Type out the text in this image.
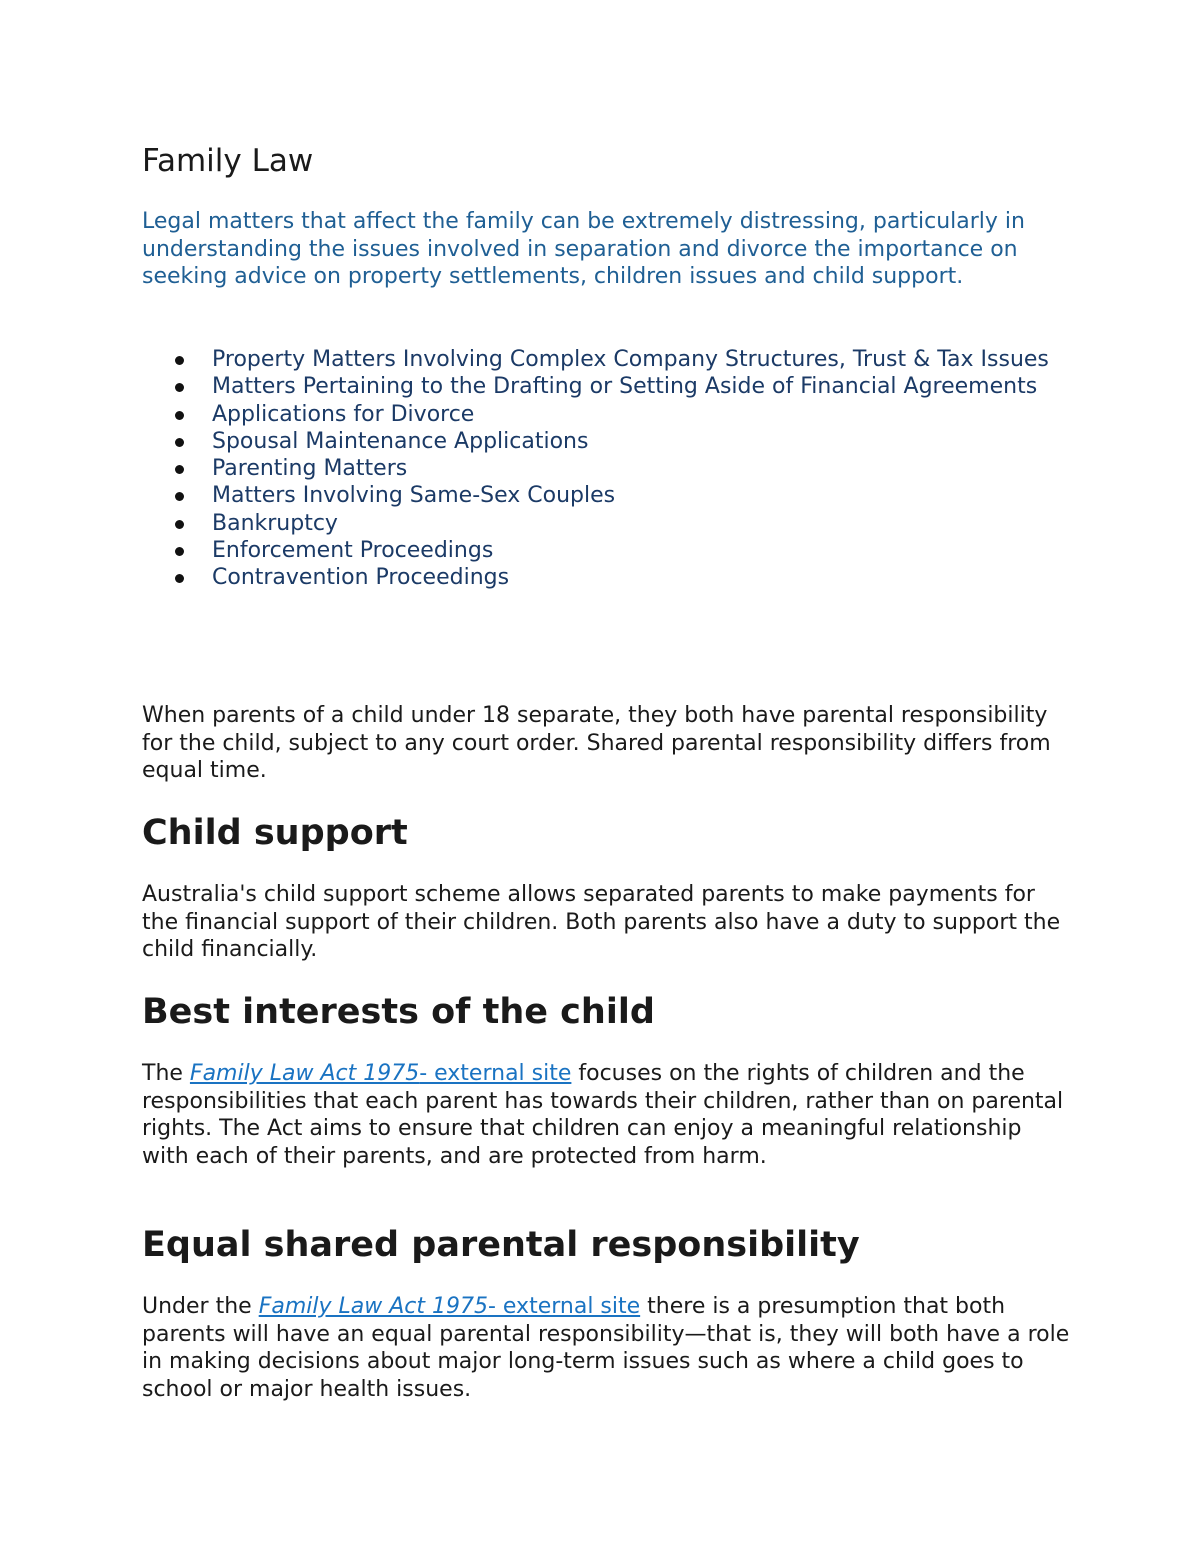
Family Law

Legal matters that affect the family can be extremely distressing, particularly in understanding the issues involved in separation and divorce the importance on seeking advice on property settlements, children issues and child support.

Property Matters Involving Complex Company Structures, Trust & Tax Issues
Matters Pertaining to the Drafting or Setting Aside of Financial Agreements
Applications for Divorce
Spousal Maintenance Applications
Parenting Matters
Matters Involving Same-Sex Couples
Bankruptcy
Enforcement Proceedings
Contravention Proceedings

When parents of a child under 18 separate, they both have parental responsibility for the child, subject to any court order. Shared parental responsibility differs from equal time.

Child support

Australia's child support scheme allows separated parents to make payments for the financial support of their children. Both parents also have a duty to support the child financially.

Best interests of the child

The Family Law Act 1975- external site focuses on the rights of children and the responsibilities that each parent has towards their children, rather than on parental rights. The Act aims to ensure that children can enjoy a meaningful relationship with each of their parents, and are protected from harm.

Equal shared parental responsibility

Under the Family Law Act 1975- external site there is a presumption that both parents will have an equal parental responsibility—that is, they will both have a role in making decisions about major long-term issues such as where a child goes to school or major health issues.
